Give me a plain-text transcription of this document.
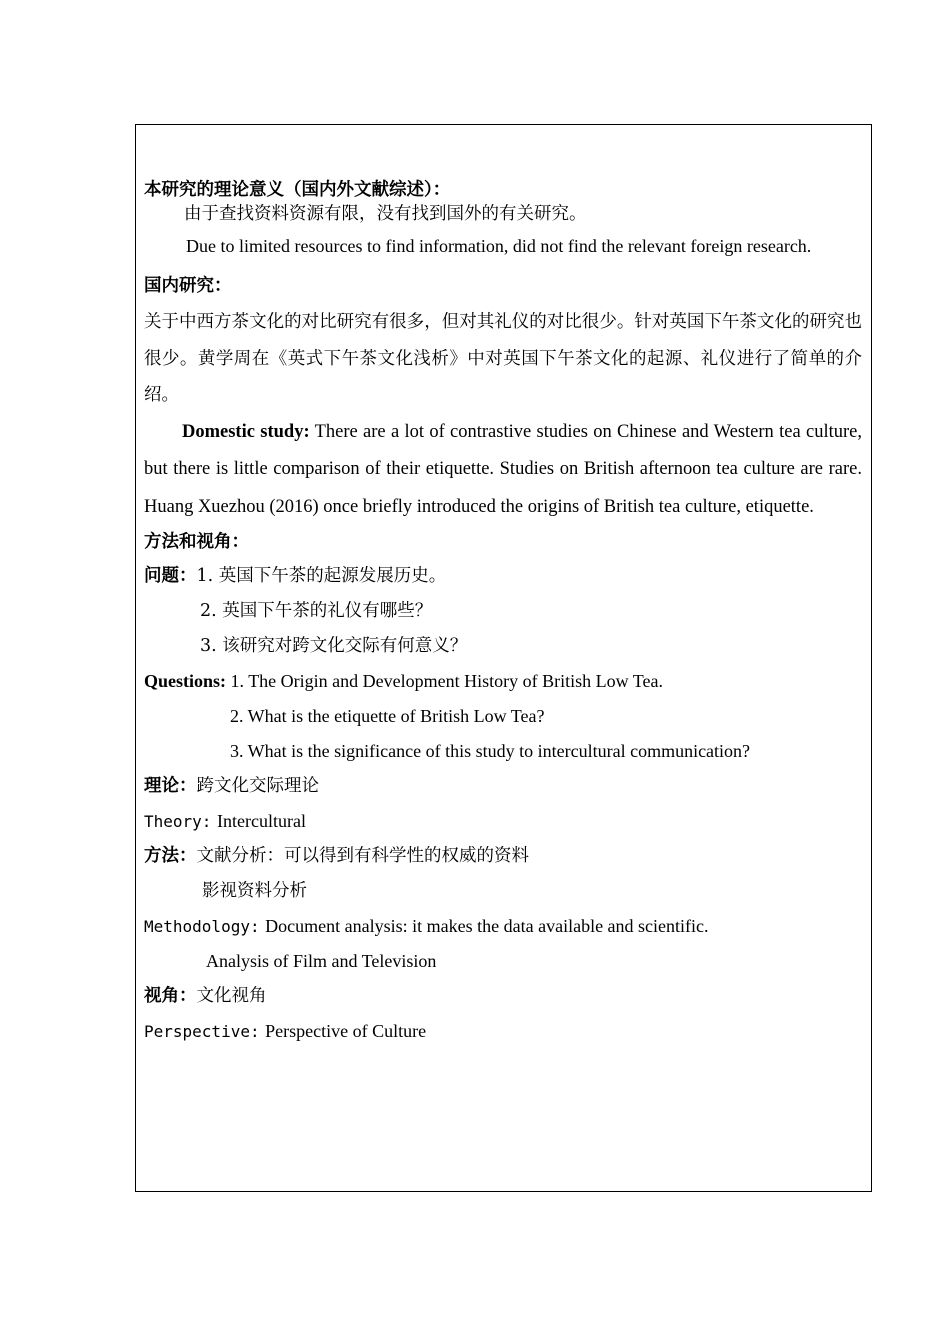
本研究的理论意义（国内外文献综述）：
由于查找资料资源有限，没有找到国外的有关研究。
Due to limited resources to find information, did not find the relevant foreign research.
国内研究：
关于中西方茶文化的对比研究有很多，但对其礼仪的对比很少。针对英国下午茶文化的研究也很少。黄学周在《英式下午茶文化浅析》中对英国下午茶文化的起源、礼仪进行了简单的介绍。
Domestic study: There are a lot of contrastive studies on Chinese and Western tea culture, but there is little comparison of their etiquette. Studies on British afternoon tea culture are rare. Huang Xuezhou (2016) once briefly introduced the origins of British tea culture, etiquette.
方法和视角：
问题：1. 英国下午茶的起源发展历史。
2. 英国下午茶的礼仪有哪些？
3. 该研究对跨文化交际有何意义？
Questions: 1. The Origin and Development History of British Low Tea.
2. What is the etiquette of British Low Tea?
3. What is the significance of this study to intercultural communication?
理论：跨文化交际理论
Theory: Intercultural
方法：文献分析：可以得到有科学性的权威的资料
影视资料分析
Methodology: Document analysis: it makes the data available and scientific.
Analysis of Film and Television
视角：文化视角
Perspective: Perspective of Culture
